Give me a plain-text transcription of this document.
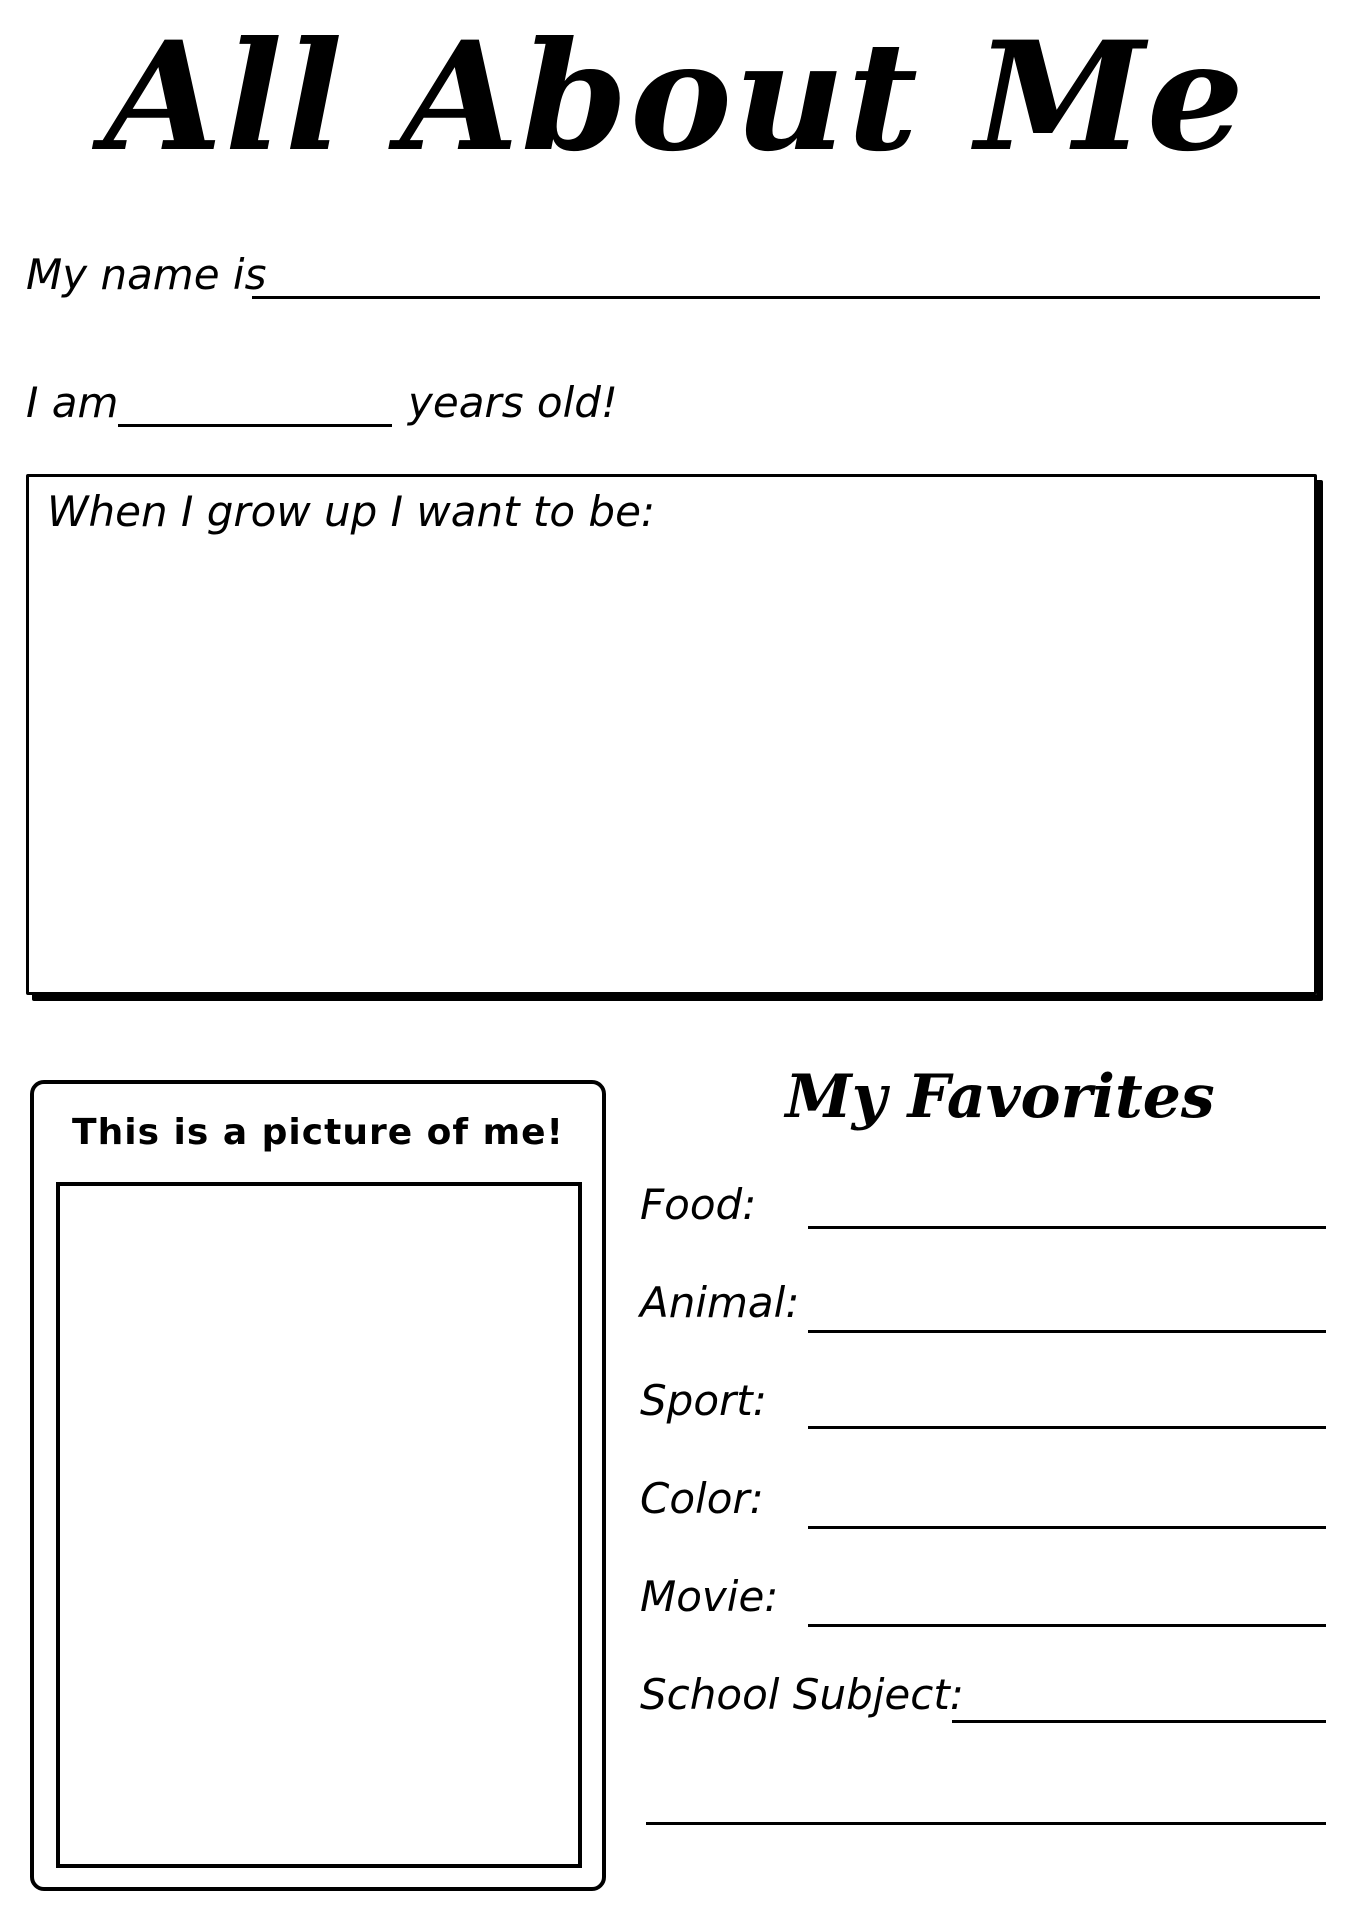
All About Me
My name is
I am	years old!
When I grow up I want to be:
This is a picture of me!
My Favorites
Food:
Animal:
Sport:
Color:
Movie:
School Subject:
